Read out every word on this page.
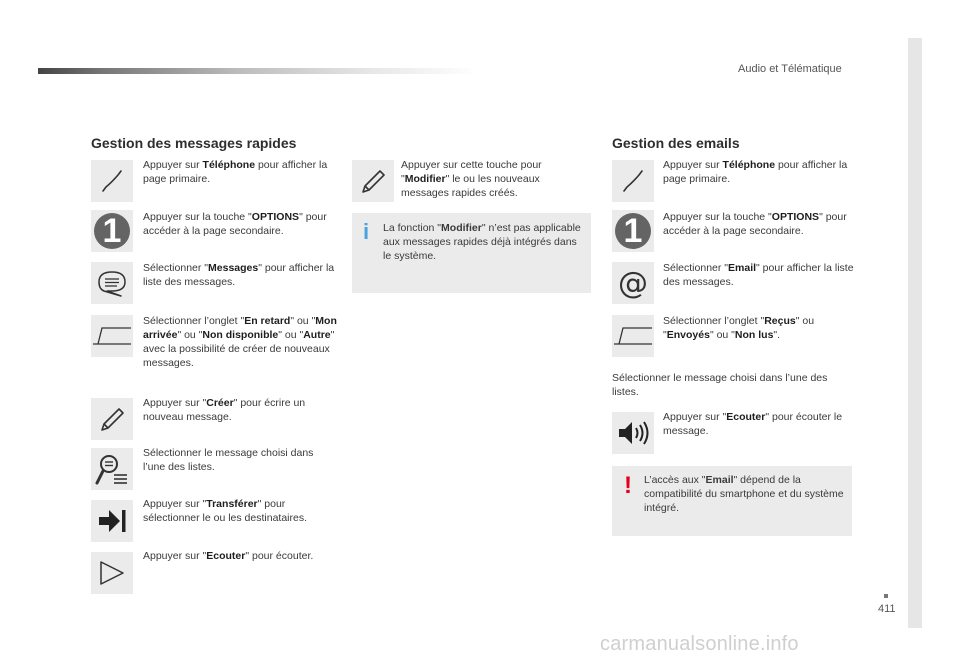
Audio et Télématique
411
carmanualsonline.info
Gestion des messages rapides
Appuyer sur Téléphone pour afficher la page primaire.
1 Appuyer sur la touche "OPTIONS" pour accéder à la page secondaire.
Sélectionner "Messages" pour afficher la liste des messages.
Sélectionner l’onglet "En retard" ou "Mon arrivée" ou "Non disponible" ou "Autre" avec la possibilité de créer de nouveaux messages.
Appuyer sur "Créer" pour écrire un nouveau message.
Sélectionner le message choisi dans l’une des listes.
Appuyer sur "Transférer" pour sélectionner le ou les destinataires.
Appuyer sur "Ecouter" pour écouter.
Appuyer sur cette touche pour "Modifier" le ou les nouveaux messages rapides créés.
i La fonction "Modifier" n’est pas applicable aux messages rapides déjà intégrés dans le système.
Gestion des emails
Appuyer sur Téléphone pour afficher la page primaire.
1 Appuyer sur la touche "OPTIONS" pour accéder à la page secondaire.
@ Sélectionner "Email" pour afficher la liste des messages.
Sélectionner l’onglet "Reçus" ou "Envoyés" ou "Non lus".
Sélectionner le message choisi dans l’une des listes.
Appuyer sur "Ecouter" pour écouter le message.
! L’accès aux "Email" dépend de la compatibilité du smartphone et du système intégré.
